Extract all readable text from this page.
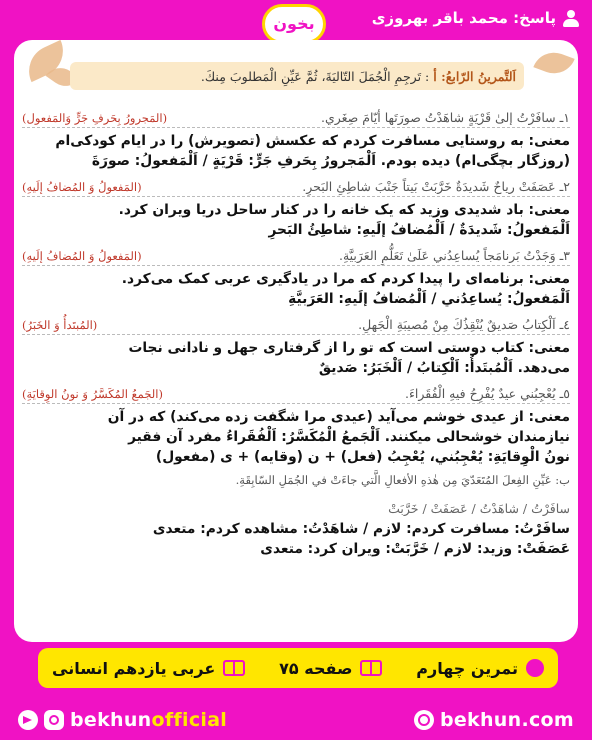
پاسخ: محمد باقر بهروزی
بخون
اَلتَّمرینُ الرّابعُ: أ
: تَرجِمِ الْجُمَلَ التّالیَةَ، ثُمَّ عَیِّنِ الْمَطلوبَ مِنكَ.
١ـ سافَرْتُ إلیٰ قَرْیَةٍ شاهَدْتُ صورَتَها أیّامَ صِغَري.
(المَجرورُ بِحَرفِ جَرٍّ وَالمَفعول)
معنی: به روستایی مسافرت کردم که عکسش (تصویرش) را در ایام کودکی‌ام
(روزگار بچگی‌ام) دیده بودم. اَلْمَجرورُ بِحَرفِ جَرٍّ: قَرْیَةٍ / اَلْمَفعولُ: صورَةَ
٢ـ عَصَفَتْ رياحٌ شَديدَةٌ خَرَّبَتْ بَيتاً جَنْبَ شاطِئِ البَحرِ.
(المَفعولُ وَ المُضافُ إلَيهِ)
معنی: باد شدیدی وزید که یک خانه را در کنار ساحل دریا ویران کرد.
اَلْمَفعولُ: شَديدَةٌ / اَلْمُضافُ إلَيهِ: شاطِئُ البَحرِ
٣ـ وَجَدْتُ بَرنامَجاً يُساعِدُني عَلَىٰ تَعَلُّمِ العَرَبيَّةِ.
(المَفعولُ وَ المُضافُ إلَيهِ)
معنی: برنامه‌ای را پیدا کردم که مرا در یادگیری عربی کمک می‌کرد.
اَلْمَفعولُ: يُساعِدُني / اَلْمُضافُ إلَيهِ: العَرَبيَّةِ
٤ـ اَلْكِتابُ صَديقٌ يُنْقِذُكَ مِنْ مُصيبَةِ الْجَهلِ.
(المُبتَدأُ وَ الخَبَرُ)
معنی: کتاب دوستی است که تو را از گرفتاری جهل و نادانی نجات
می‌دهد. اَلْمُبتَدأُ: اَلْكِتابُ / اَلْخَبَرُ: صَديقٌ
٥ـ يُعْجِبُني عيدٌ يُفْرِحُ فيهِ الْفُقَراءَ.
(الجَمعُ المُكَسَّرُ وَ نونُ الوِقايَةِ)
معنی: از عیدی خوشم می‌آید (عیدی مرا شگفت زده می‌کند) که در آن
نیازمندان خوشحالی میکنند. اَلْجَمعُ الْمُكَسَّرُ: اَلْفُقَراءُ مفرد آن فقیر
نونُ الْوِقايَةِ: يُعْجِبُني، يُعْجِبُ (فعل) + ن (وقایه) + ی (مفعول)
ب: عَيِّنِ الفِعلَ المُتَعَدّيَ مِن هٰذهِ الأفعالِ الَّتي جاءَتْ في الجُمَلِ السّابِقَةِ.
سافَرْتُ / شاهَدْتُ / عَصَفَتْ / خَرَّبَتْ
سافَرْتُ: مسافرت کردم: لازم / شاهَدْتُ: مشاهده کردم: متعدی
عَصَفَتْ: وزید: لازم / خَرَّبَتْ: ویران کرد: متعدی
تمرین چهارم
صفحه ۷۵
عربی یازدهم انسانی
bekhunofficial	bekhun.com
